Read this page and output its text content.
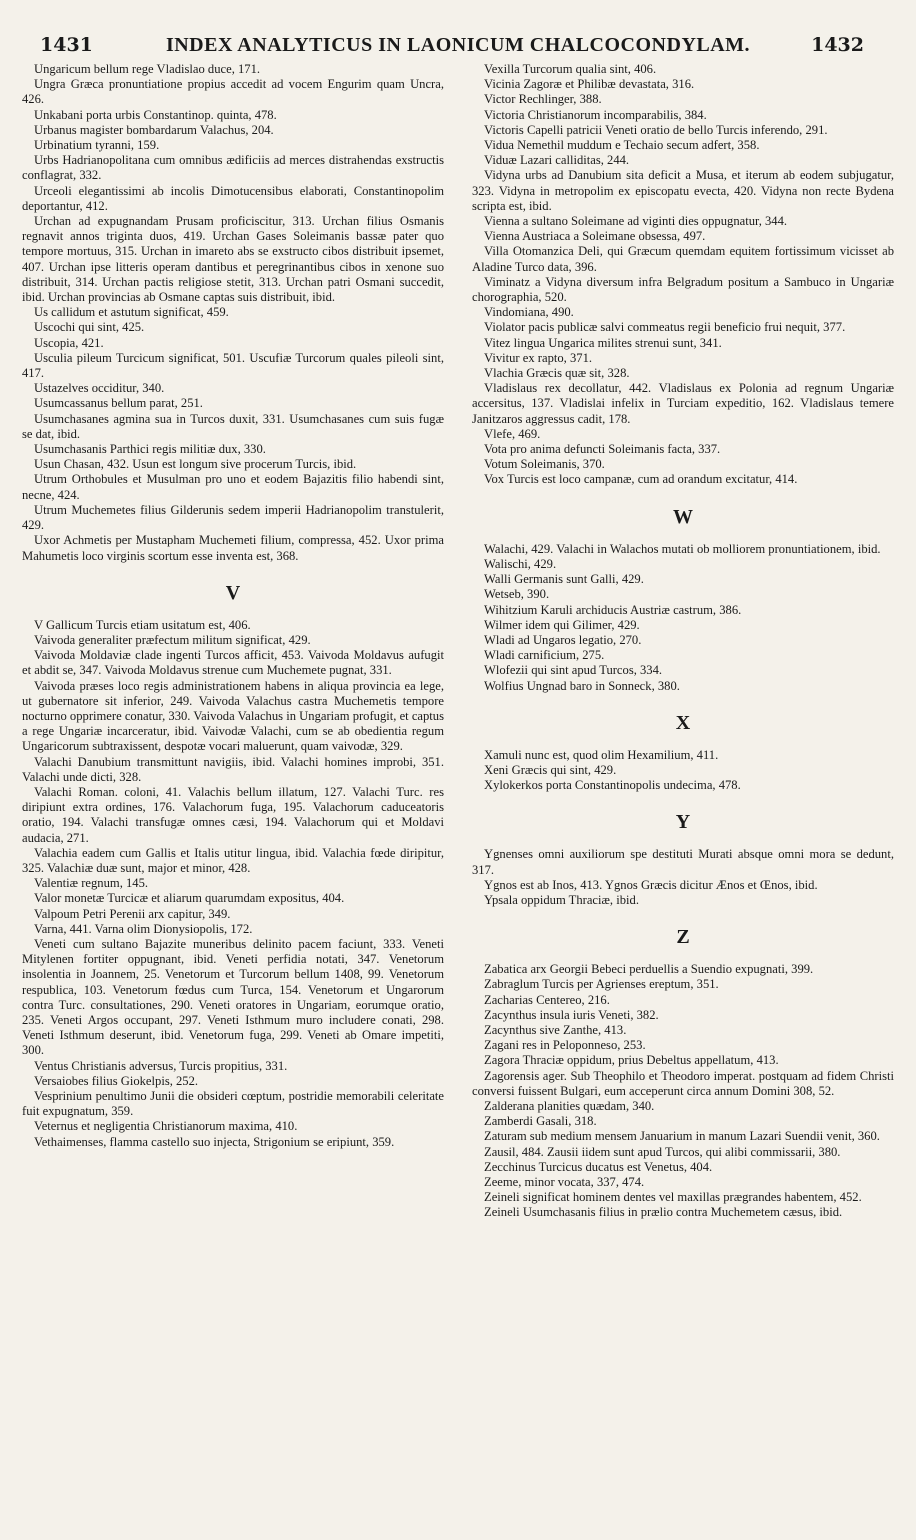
1431	INDEX ANALYTICUS IN LAONICUM CHALCOCONDYLAM.	1432

Ungaricum bellum rege Vladislao duce, 171.

Ungra Græca pronuntiatione propius accedit ad vocem Engurim quam Uncra, 426.

Unkabani porta urbis Constantinop. quinta, 478.

Urbanus magister bombardarum Valachus, 204.

Urbinatium tyranni, 159.

Urbs Hadrianopolitana cum omnibus ædificiis ad merces distrahendas exstructis conflagrat, 332.

Urceoli elegantissimi ab incolis Dimotucensibus elaborati, Constantinopolim deportantur, 412.

Urchan ad expugnandam Prusam proficiscitur, 313. Urchan filius Osmanis regnavit annos triginta duos, 419. Urchan Gases Soleimanis bassæ pater quo tempore mortuus, 315. Urchan in imareto abs se exstructo cibos distribuit ipsemet, 407. Urchan ipse litteris operam dantibus et peregrinantibus cibos in xenone suo distribuit, 314. Urchan pactis religiose stetit, 313. Urchan patri Osmani succedit, ibid. Urchan provincias ab Osmane captas suis distribuit, ibid.

Us callidum et astutum significat, 459.

Uscochi qui sint, 425.

Uscopia, 421.

Usculia pileum Turcicum significat, 501. Uscufiæ Turcorum quales pileoli sint, 417.

Ustazelves occiditur, 340.

Usumcassanus bellum parat, 251.

Usumchasanes agmina sua in Turcos duxit, 331. Usumchasanes cum suis fugæ se dat, ibid.

Usumchasanis Parthici regis militiæ dux, 330.

Usun Chasan, 432. Usun est longum sive procerum Turcis, ibid.

Utrum Orthobules et Musulman pro uno et eodem Bajazitis filio habendi sint, necne, 424.

Utrum Muchemetes filius Gilderunis sedem imperii Hadrianopolim transtulerit, 429.

Uxor Achmetis per Mustapham Muchemeti filium, compressa, 452. Uxor prima Mahumetis loco virginis scortum esse inventa est, 368.

V

V Gallicum Turcis etiam usitatum est, 406.

Vaivoda generaliter præfectum militum significat, 429.

Vaivoda Moldaviæ clade ingenti Turcos afficit, 453. Vaivoda Moldavus aufugit et abdit se, 347. Vaivoda Moldavus strenue cum Muchemete pugnat, 331.

Vaivoda præses loco regis administrationem habens in aliqua provincia ea lege, ut gubernatore sit inferior, 249. Vaivoda Valachus castra Muchemetis tempore nocturno opprimere conatur, 330. Vaivoda Valachus in Ungariam profugit, et captus a rege Ungariæ incarceratur, ibid. Vaivodæ Valachi, cum se ab obedientia regum Ungaricorum subtraxissent, despotæ vocari maluerunt, quam vaivodæ, 329.

Valachi Danubium transmittunt navigiis, ibid. Valachi homines improbi, 351. Valachi unde dicti, 328.

Valachi Roman. coloni, 41. Valachis bellum illatum, 127. Valachi Turc. res diripiunt extra ordines, 176. Valachorum fuga, 195. Valachorum caduceatoris oratio, 194. Valachi transfugæ omnes cæsi, 194. Valachorum qui et Moldavi audacia, 271.

Valachia eadem cum Gallis et Italis utitur lingua, ibid. Valachia fœde diripitur, 325. Valachiæ duæ sunt, major et minor, 428.

Valentiæ regnum, 145.

Valor monetæ Turcicæ et aliarum quarumdam expositus, 404.

Valpoum Petri Perenii arx capitur, 349.

Varna, 441. Varna olim Dionysiopolis, 172.

Veneti cum sultano Bajazite muneribus delinito pacem faciunt, 333. Veneti Mitylenen fortiter oppugnant, ibid. Veneti perfidia notati, 347. Venetorum insolentia in Joannem, 25. Venetorum et Turcorum bellum 1408, 99. Venetorum respublica, 103. Venetorum fœdus cum Turca, 154. Venetorum et Ungarorum contra Turc. consultationes, 290. Veneti oratores in Ungariam, eorumque oratio, 235. Veneti Argos occupant, 297. Veneti Isthmum muro includere conati, 298. Veneti Isthmum deserunt, ibid. Venetorum fuga, 299. Veneti ab Omare impetiti, 300.

Ventus Christianis adversus, Turcis propitius, 331.

Versaiobes filius Giokelpis, 252.

Vesprinium penultimo Junii die obsideri cœptum, postridie memorabili celeritate fuit expugnatum, 359.

Veternus et negligentia Christianorum maxima, 410.

Vethaimenses, flamma castello suo injecta, Strigonium se eripiunt, 359.

Vexilla Turcorum qualia sint, 406.

Vicinia Zagoræ et Philibæ devastata, 316.

Victor Rechlinger, 388.

Victoria Christianorum incomparabilis, 384.

Victoris Capelli patricii Veneti oratio de bello Turcis inferendo, 291.

Vidua Nemethil muddum e Techaio secum adfert, 358.

Viduæ Lazari calliditas, 244.

Vidyna urbs ad Danubium sita deficit a Musa, et iterum ab eodem subjugatur, 323. Vidyna in metropolim ex episcopatu evecta, 420. Vidyna non recte Bydena scripta est, ibid.

Vienna a sultano Soleimane ad viginti dies oppugnatur, 344.

Vienna Austriaca a Soleimane obsessa, 497.

Villa Otomanzica Deli, qui Græcum quemdam equitem fortissimum vicisset ab Aladine Turco data, 396.

Viminatz a Vidyna diversum infra Belgradum positum a Sambuco in Ungariæ chorographia, 520.

Vindomiana, 490.

Violator pacis publicæ salvi commeatus regii beneficio frui nequit, 377.

Vitez lingua Ungarica milites strenui sunt, 341.

Vivitur ex rapto, 371.

Vlachia Græcis quæ sit, 328.

Vladislaus rex decollatur, 442. Vladislaus ex Polonia ad regnum Ungariæ accersitus, 137. Vladislai infelix in Turciam expeditio, 162. Vladislaus temere Janitzaros aggressus cadit, 178.

Vlefe, 469.

Vota pro anima defuncti Soleimanis facta, 337.

Votum Soleimanis, 370.

Vox Turcis est loco campanæ, cum ad orandum excitatur, 414.

W

Walachi, 429. Valachi in Walachos mutati ob molliorem pronuntiationem, ibid.

Walischi, 429.

Walli Germanis sunt Galli, 429.

Wetseb, 390.

Wihitzium Karuli archiducis Austriæ castrum, 386.

Wilmer idem qui Gilimer, 429.

Wladi ad Ungaros legatio, 270.

Wladi carnificium, 275.

Wlofezii qui sint apud Turcos, 334.

Wolfius Ungnad baro in Sonneck, 380.

X

Xamuli nunc est, quod olim Hexamilium, 411.

Xeni Græcis qui sint, 429.

Xylokerkos porta Constantinopolis undecima, 478.

Y

Ygnenses omni auxiliorum spe destituti Murati absque omni mora se dedunt, 317.

Ygnos est ab Inos, 413. Ygnos Græcis dicitur Ænos et Œnos, ibid.

Ypsala oppidum Thraciæ, ibid.

Z

Zabatica arx Georgii Bebeci perduellis a Suendio expugnati, 399.

Zabraglum Turcis per Agrienses ereptum, 351.

Zacharias Centereo, 216.

Zacynthus insula iuris Veneti, 382.

Zacynthus sive Zanthe, 413.

Zagani res in Peloponneso, 253.

Zagora Thraciæ oppidum, prius Debeltus appellatum, 413.

Zagorensis ager. Sub Theophilo et Theodoro imperat. postquam ad fidem Christi conversi fuissent Bulgari, eum acceperunt circa annum Domini 308, 52.

Zalderana planities quædam, 340.

Zamberdi Gasali, 318.

Zaturam sub medium mensem Januarium in manum Lazari Suendii venit, 360.

Zausil, 484. Zausii iidem sunt apud Turcos, qui alibi commissarii, 380.

Zecchinus Turcicus ducatus est Venetus, 404.

Zeeme, minor vocata, 337, 474.

Zeineli significat hominem dentes vel maxillas prægrandes habentem, 452.

Zeineli Usumchasanis filius in prælio contra Muchemetem cæsus, ibid.
